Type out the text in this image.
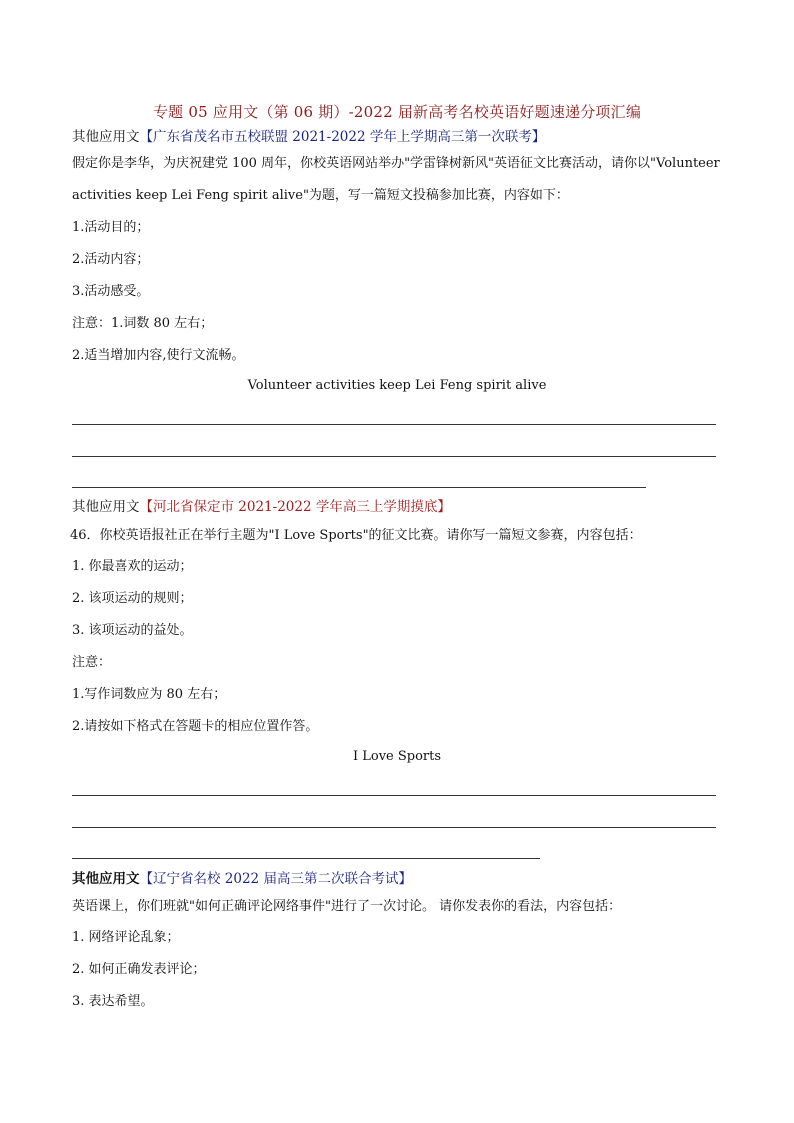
专题 05 应用文（第 06 期）-2022 届新高考名校英语好题速递分项汇编
其他应用文【广东省茂名市五校联盟 2021-2022 学年上学期高三第一次联考】
假定你是李华，为庆祝建党 100 周年，你校英语网站举办"学雷锋树新风"英语征文比赛活动，请你以"Volunteer
activities keep Lei Feng spirit alive"为题，写一篇短文投稿参加比赛，内容如下：
1.活动目的；
2.活动内容；
3.活动感受。
注意：1.词数 80 左右；
2.适当增加内容,使行文流畅。
Volunteer activities keep Lei Feng spirit alive
其他应用文【河北省保定市 2021-2022 学年高三上学期摸底】
46．你校英语报社正在举行主题为"I Love Sports"的征文比赛。请你写一篇短文参赛，内容包括：
1. 你最喜欢的运动；
2. 该项运动的规则；
3. 该项运动的益处。
注意：
1.写作词数应为 80 左右；
2.请按如下格式在答题卡的相应位置作答。
I Love Sports
其他应用文【辽宁省名校 2022 届高三第二次联合考试】
英语课上，你们班就"如何正确评论网络事件"进行了一次讨论。 请你发表你的看法，内容包括：
1. 网络评论乱象；
2. 如何正确发表评论；
3. 表达希望。
